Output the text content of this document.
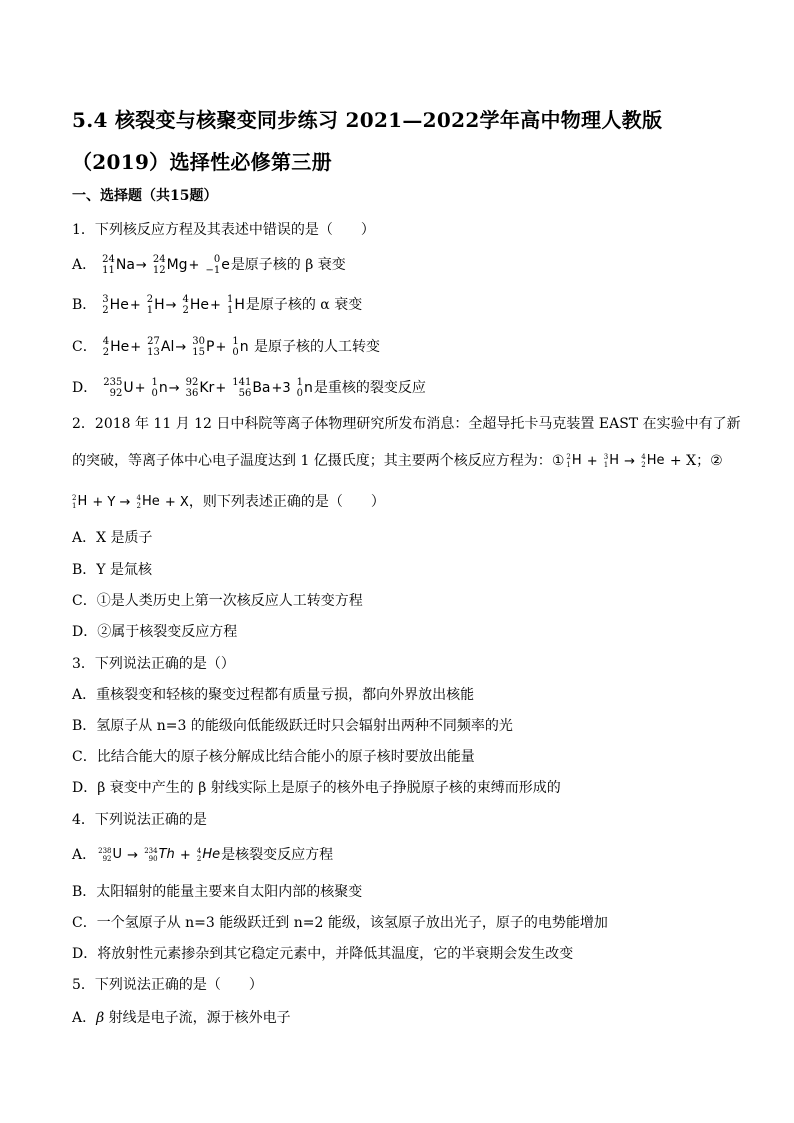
5.4 核裂变与核聚变同步练习 2021—2022学年高中物理人教版
（2019）选择性必修第三册
一、选择题（共15题）
1．下列核反应方程及其表述中错误的是（　　）
A． 24
11 Na→ 24
12 Mg+	0
−1 e是原子核的 β 衰变
B． 3
2 He+ 2
1 H→ 4
2 He+ 1
1 H是原子核的 α 衰变
C． 4
2 He+ 27
13 Al→ 30
15 P+ 1
0 n 是原子核的人工转变
D． 235
92 U+ 1
0 n→ 92
36 Kr+ 141
56 Ba+3 1
0 n是重核的裂变反应
2．2018 年 11 月 12 日中科院等离子体物理研究所发布消息：全超导托卡马克装置 EAST 在实验中有了新
的突破，等离子体中心电子温度达到 1 亿摄氏度；其主要两个核反应方程为：① 2
1 H + 3
1 H → 4
2 He + X；②
2
1 H + Y → 4
2 He + X，则下列表述正确的是（　　）
A．X 是质子
B．Y 是氚核
C．①是人类历史上第一次核反应人工转变方程
D．②属于核裂变反应方程
3．下列说法正确的是（）
A．重核裂变和轻核的聚变过程都有质量亏损，都向外界放出核能
B．氢原子从 n=3 的能级向低能级跃迁时只会辐射出两种不同频率的光
C．比结合能大的原子核分解成比结合能小的原子核时要放出能量
D．β 衰变中产生的 β 射线实际上是原子的核外电子挣脱原子核的束缚而形成的
4．下列说法正确的是
A． 238
92 U → 234
90 Th + 4
2 He是核裂变反应方程
B．太阳辐射的能量主要来自太阳内部的核聚变
C．一个氢原子从 n=3 能级跃迁到 n=2 能级，该氢原子放出光子，原子的电势能增加
D．将放射性元素掺杂到其它稳定元素中，并降低其温度，它的半衰期会发生改变
5．下列说法正确的是（　　）
A．β 射线是电子流，源于核外电子
